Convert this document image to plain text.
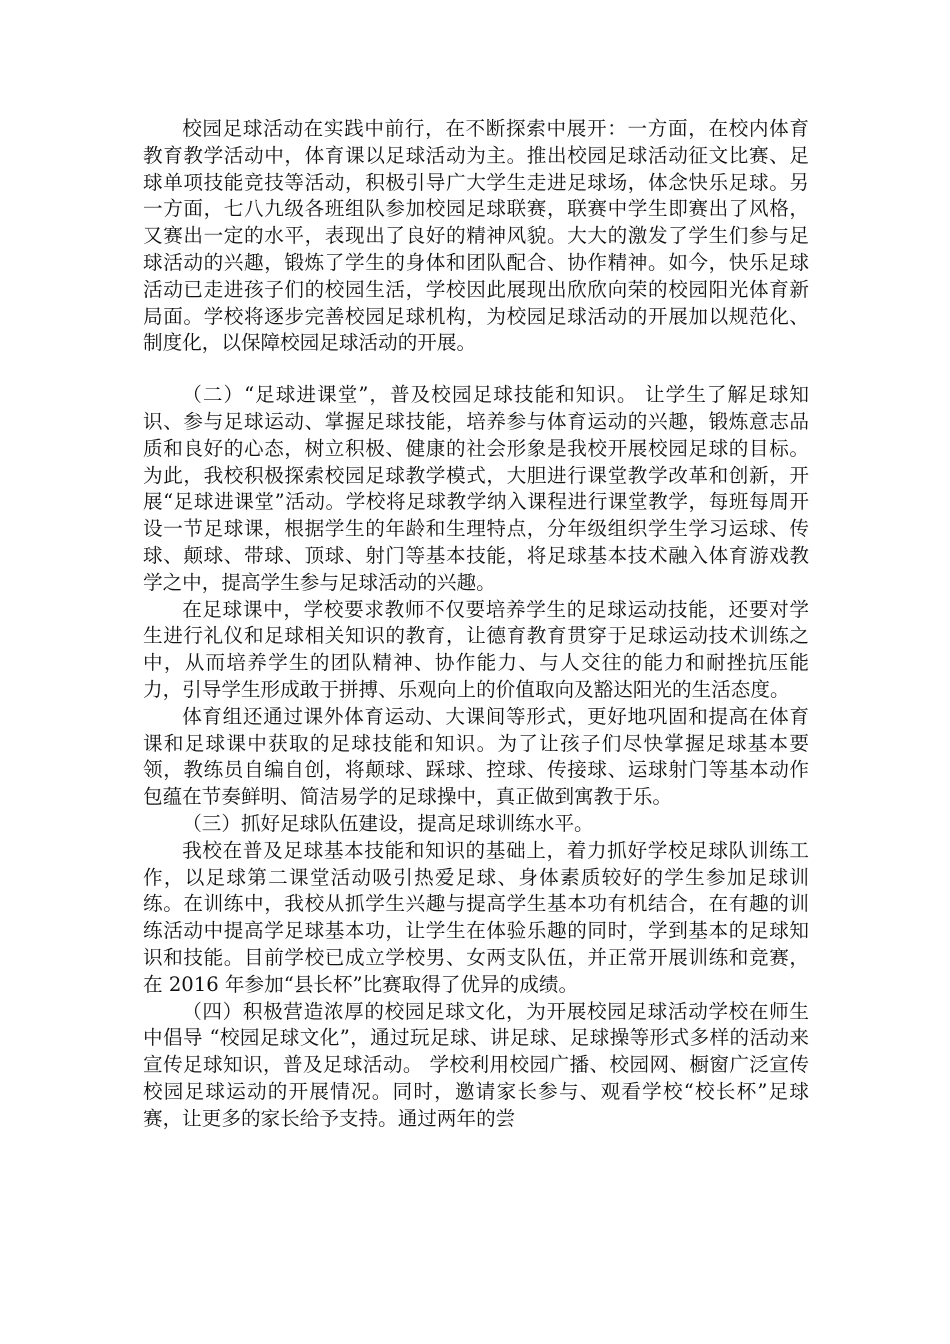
校园足球活动在实践中前行，在不断探索中展开：一方面，在校内体育教育教学活动中，体育课以足球活动为主。推出校园足球活动征文比赛、足球单项技能竞技等活动，积极引导广大学生走进足球场，体念快乐足球。另一方面，七八九级各班组队参加校园足球联赛，联赛中学生即赛出了风格，又赛出一定的水平，表现出了良好的精神风貌。大大的激发了学生们参与足球活动的兴趣，锻炼了学生的身体和团队配合、协作精神。如今，快乐足球活动已走进孩子们的校园生活，学校因此展现出欣欣向荣的校园阳光体育新局面。学校将逐步完善校园足球机构，为校园足球活动的开展加以规范化、制度化，以保障校园足球活动的开展。

（二）“足球进课堂”，普及校园足球技能和知识。 让学生了解足球知识、参与足球运动、掌握足球技能，培养参与体育运动的兴趣，锻炼意志品质和良好的心态，树立积极、健康的社会形象是我校开展校园足球的目标。为此，我校积极探索校园足球教学模式，大胆进行课堂教学改革和创新，开展“足球进课堂”活动。学校将足球教学纳入课程进行课堂教学，每班每周开设一节足球课，根据学生的年龄和生理特点，分年级组织学生学习运球、传球、颠球、带球、顶球、射门等基本技能，将足球基本技术融入体育游戏教学之中，提高学生参与足球活动的兴趣。

在足球课中，学校要求教师不仅要培养学生的足球运动技能，还要对学生进行礼仪和足球相关知识的教育，让德育教育贯穿于足球运动技术训练之中，从而培养学生的团队精神、协作能力、与人交往的能力和耐挫抗压能力，引导学生形成敢于拼搏、乐观向上的价值取向及豁达阳光的生活态度。

体育组还通过课外体育运动、大课间等形式，更好地巩固和提高在体育课和足球课中获取的足球技能和知识。为了让孩子们尽快掌握足球基本要领，教练员自编自创，将颠球、踩球、控球、传接球、运球射门等基本动作包蕴在节奏鲜明、简洁易学的足球操中，真正做到寓教于乐。

（三）抓好足球队伍建设，提高足球训练水平。

我校在普及足球基本技能和知识的基础上，着力抓好学校足球队训练工作，以足球第二课堂活动吸引热爱足球、身体素质较好的学生参加足球训练。在训练中，我校从抓学生兴趣与提高学生基本功有机结合，在有趣的训练活动中提高学足球基本功，让学生在体验乐趣的同时，学到基本的足球知识和技能。目前学校已成立学校男、女两支队伍，并正常开展训练和竞赛，在 2016 年参加“县长杯”比赛取得了优异的成绩。

（四）积极营造浓厚的校园足球文化，为开展校园足球活动学校在师生中倡导 “校园足球文化”，通过玩足球、讲足球、足球操等形式多样的活动来宣传足球知识，普及足球活动。 学校利用校园广播、校园网、橱窗广泛宣传校园足球运动的开展情况。同时，邀请家长参与、观看学校“校长杯”足球赛，让更多的家长给予支持。通过两年的尝
